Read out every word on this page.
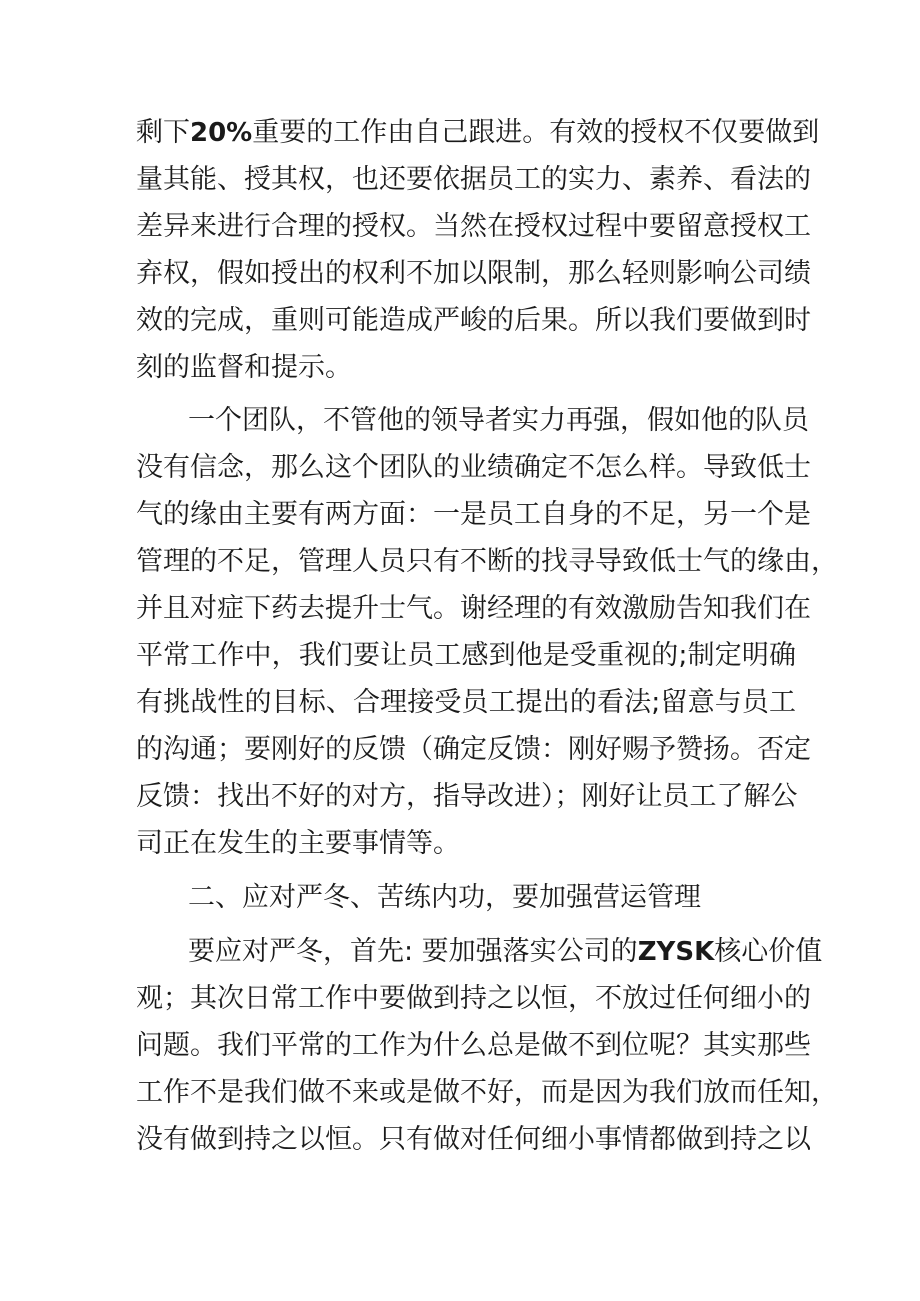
剩下20%重要的工作由自己跟进。有效的授权不仅要做到
量其能、授其权，也还要依据员工的实力、素养、看法的
差异来进行合理的授权。当然在授权过程中要留意授权工
弃权，假如授出的权利不加以限制，那么轻则影响公司绩
效的完成，重则可能造成严峻的后果。所以我们要做到时
刻的监督和提示。
一个团队，不管他的领导者实力再强，假如他的队员
没有信念，那么这个团队的业绩确定不怎么样。导致低士
气的缘由主要有两方面：一是员工自身的不足，另一个是
管理的不足，管理人员只有不断的找寻导致低士气的缘由，
并且对症下药去提升士气。谢经理的有效激励告知我们在
平常工作中，我们要让员工感到他是受重视的;制定明确
有挑战性的目标、合理接受员工提出的看法;留意与员工
的沟通；要刚好的反馈（确定反馈：刚好赐予赞扬。否定
反馈：找出不好的对方，指导改进）；刚好让员工了解公
司正在发生的主要事情等。
二、应对严冬、苦练内功，要加强营运管理
要应对严冬，首先: 要加强落实公司的ZYSK核心价值
观；其次日常工作中要做到持之以恒，不放过任何细小的
问题。我们平常的工作为什么总是做不到位呢？其实那些
工作不是我们做不来或是做不好，而是因为我们放而任知，
没有做到持之以恒。只有做对任何细小事情都做到持之以
